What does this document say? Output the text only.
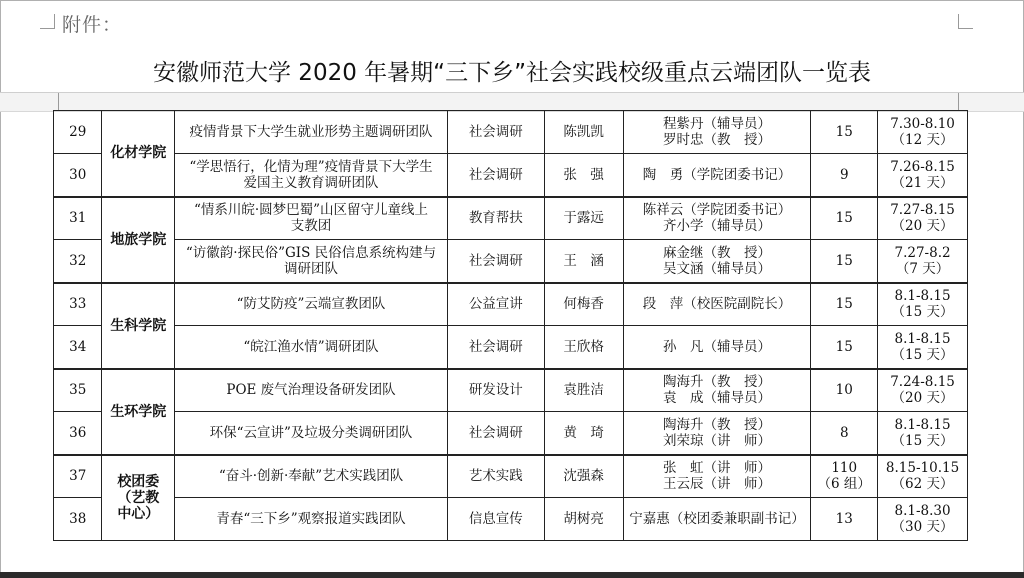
附件：
安徽师范大学 2020 年暑期“三下乡”社会实践校级重点云端团队一览表
29	化材学院	疫情背景下大学生就业形势主题调研团队	社会调研	陈凯凯	程紫丹（辅导员）
罗时忠（教　授）	15	7.30-8.10
（12 天）

30		“学思悟行，化情为理”疫情背景下大学生
爱国主义教育调研团队	社会调研	张　强	陶　勇（学院团委书记）	9	7.26-8.15
（21 天）

31	地旅学院	“情系川皖·圆梦巴蜀”山区留守儿童线上
支教团	教育帮扶	于露远	陈祥云（学院团委书记）
齐小学（辅导员）	15	7.27-8.15
（20 天）

32		“访徽韵·探民俗”GIS 民俗信息系统构建与
调研团队	社会调研	王　涵	麻金继（教　授）
吴文涵（辅导员）	15	7.27-8.2
（7 天）

33	生科学院	“防艾防疫”云端宣教团队	公益宣讲	何梅香	段　萍（校医院副院长）	15	8.1-8.15
（15 天）

34		“皖江渔水情”调研团队	社会调研	王欣格	孙　凡（辅导员）	15	8.1-8.15
（15 天）

35	生环学院	POE 废气治理设备研发团队	研发设计	袁胜洁	陶海升（教　授）
袁　成（辅导员）	10	7.24-8.15
（20 天）

36		环保“云宣讲”及垃圾分类调研团队	社会调研	黄　琦	陶海升（教　授）
刘荣琼（讲　师）	8	8.1-8.15
（15 天）

37	校团委
（艺教
中心）	“奋斗·创新·奉献”艺术实践团队	艺术实践	沈强森	张　虹（讲　师）
王云辰（讲　师）	110
（6 组）	8.15-10.15
（62 天）

38		青春“三下乡”观察报道实践团队	信息宣传	胡树亮	宁嘉惠（校团委兼职副书记）	13	8.1-8.30
（30 天）
